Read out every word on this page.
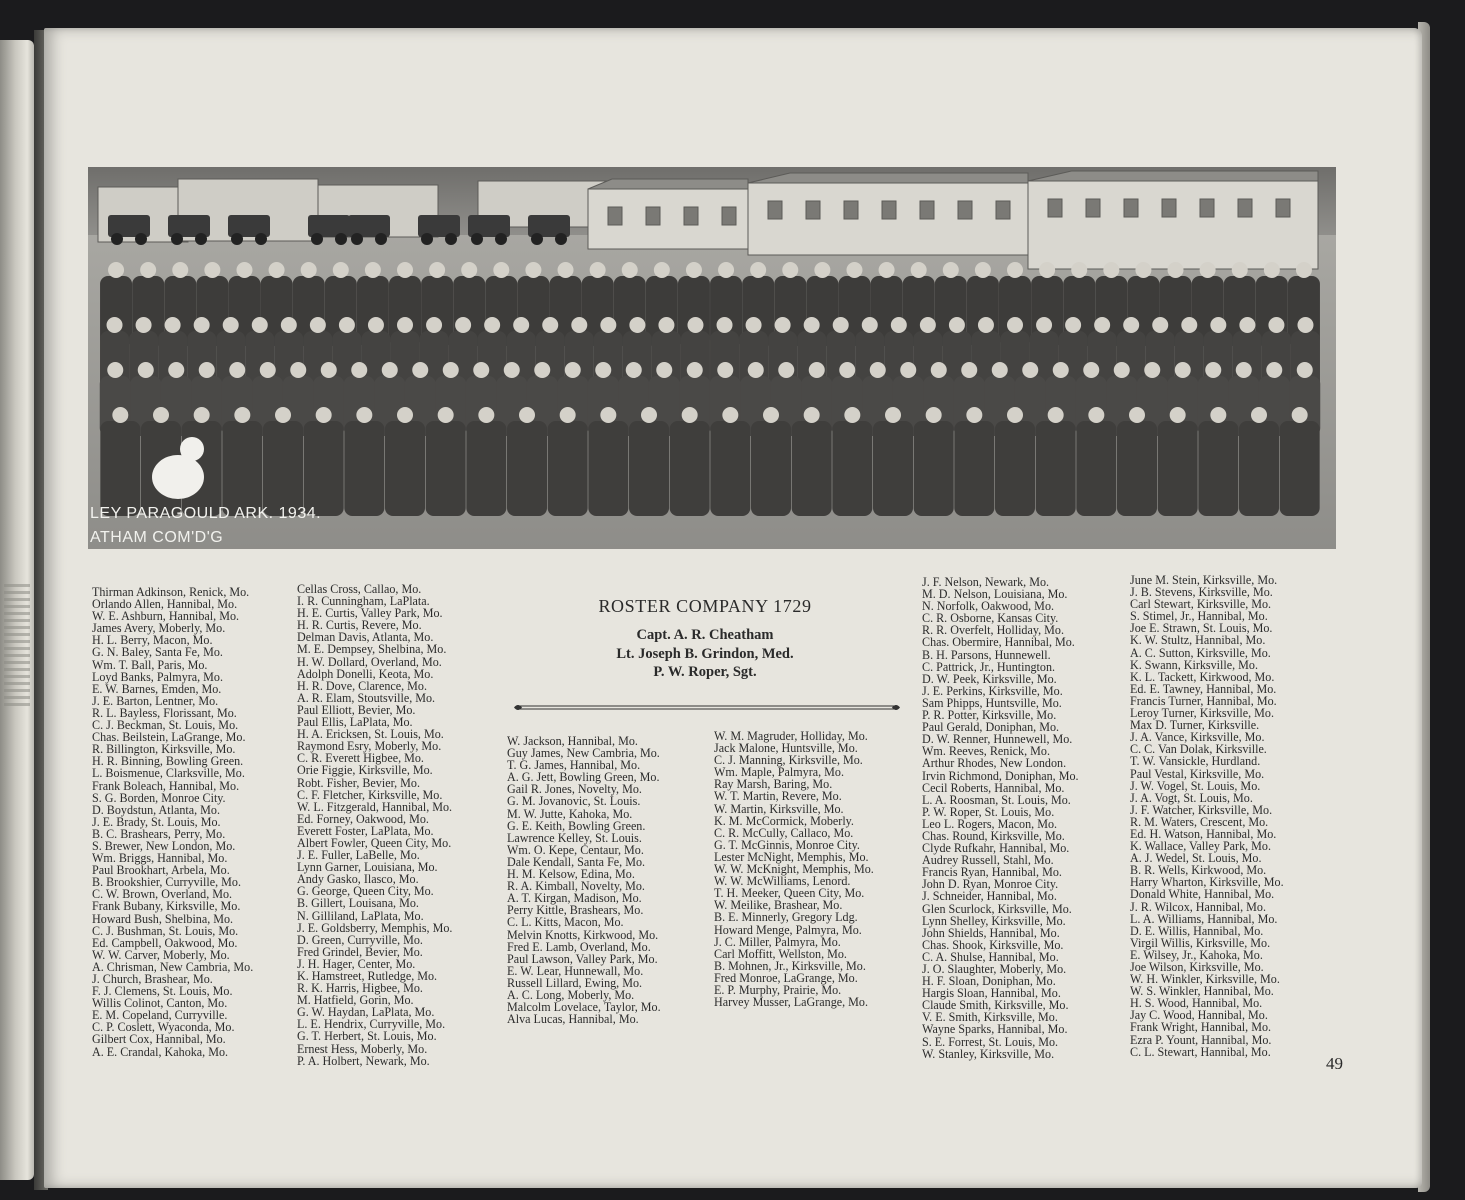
LEY PARAGOULD ARK. 1934.
ATHAM COM'D'G
Thirman Adkinson, Renick, Mo.
Orlando Allen, Hannibal, Mo.
W. E. Ashburn, Hannibal, Mo.
James Avery, Moberly, Mo.
H. L. Berry, Macon, Mo.
G. N. Baley, Santa Fe, Mo.
Wm. T. Ball, Paris, Mo.
Loyd Banks, Palmyra, Mo.
E. W. Barnes, Emden, Mo.
J. E. Barton, Lentner, Mo.
R. L. Bayless, Florissant, Mo.
C. J. Beckman, St. Louis, Mo.
Chas. Beilstein, LaGrange, Mo.
R. Billington, Kirksville, Mo.
H. R. Binning, Bowling Green.
L. Boismenue, Clarksville, Mo.
Frank Boleach, Hannibal, Mo.
S. G. Borden, Monroe City.
D. Boydstun, Atlanta, Mo.
J. E. Brady, St. Louis, Mo.
B. C. Brashears, Perry, Mo.
S. Brewer, New London, Mo.
Wm. Briggs, Hannibal, Mo.
Paul Brookhart, Arbela, Mo.
B. Brookshier, Curryville, Mo.
C. W. Brown, Overland, Mo.
Frank Bubany, Kirksville, Mo.
Howard Bush, Shelbina, Mo.
C. J. Bushman, St. Louis, Mo.
Ed. Campbell, Oakwood, Mo.
W. W. Carver, Moberly, Mo.
A. Chrisman, New Cambria, Mo.
J. Church, Brashear, Mo.
F. J. Clemens, St. Louis, Mo.
Willis Colinot, Canton, Mo.
E. M. Copeland, Curryville.
C. P. Coslett, Wyaconda, Mo.
Gilbert Cox, Hannibal, Mo.
A. E. Crandal, Kahoka, Mo.
Cellas Cross, Callao, Mo.
I. R. Cunningham, LaPlata.
H. E. Curtis, Valley Park, Mo.
H. R. Curtis, Revere, Mo.
Delman Davis, Atlanta, Mo.
M. E. Dempsey, Shelbina, Mo.
H. W. Dollard, Overland, Mo.
Adolph Donelli, Keota, Mo.
H. R. Dove, Clarence, Mo.
A. R. Elam, Stoutsville, Mo.
Paul Elliott, Bevier, Mo.
Paul Ellis, LaPlata, Mo.
H. A. Ericksen, St. Louis, Mo.
Raymond Esry, Moberly, Mo.
C. R. Everett Higbee, Mo.
Orie Figgie, Kirksville, Mo.
Robt. Fisher, Bevier, Mo.
C. F. Fletcher, Kirksville, Mo.
W. L. Fitzgerald, Hannibal, Mo.
Ed. Forney, Oakwood, Mo.
Everett Foster, LaPlata, Mo.
Albert Fowler, Queen City, Mo.
J. E. Fuller, LaBelle, Mo.
Lynn Garner, Louisiana, Mo.
Andy Gasko, Ilasco, Mo.
G. George, Queen City, Mo.
B. Gillert, Louisana, Mo.
N. Gilliland, LaPlata, Mo.
J. E. Goldsberry, Memphis, Mo.
D. Green, Curryville, Mo.
Fred Grindel, Bevier, Mo.
J. H. Hager, Center, Mo.
K. Hamstreet, Rutledge, Mo.
R. K. Harris, Higbee, Mo.
M. Hatfield, Gorin, Mo.
G. W. Haydan, LaPlata, Mo.
L. E. Hendrix, Curryville, Mo.
G. T. Herbert, St. Louis, Mo.
Ernest Hess, Moberly, Mo.
P. A. Holbert, Newark, Mo.
ROSTER COMPANY 1729
Capt. A. R. Cheatham
Lt. Joseph B. Grindon, Med.
P. W. Roper, Sgt.
W. Jackson, Hannibal, Mo.
Guy James, New Cambria, Mo.
T. G. James, Hannibal, Mo.
A. G. Jett, Bowling Green, Mo.
Gail R. Jones, Novelty, Mo.
G. M. Jovanovic, St. Louis.
M. W. Jutte, Kahoka, Mo.
G. E. Keith, Bowling Green.
Lawrence Kelley, St. Louis.
Wm. O. Kepe, Centaur, Mo.
Dale Kendall, Santa Fe, Mo.
H. M. Kelsow, Edina, Mo.
R. A. Kimball, Novelty, Mo.
A. T. Kirgan, Madison, Mo.
Perry Kittle, Brashears, Mo.
C. L. Kitts, Macon, Mo.
Melvin Knotts, Kirkwood, Mo.
Fred E. Lamb, Overland, Mo.
Paul Lawson, Valley Park, Mo.
E. W. Lear, Hunnewall, Mo.
Russell Lillard, Ewing, Mo.
A. C. Long, Moberly, Mo.
Malcolm Lovelace, Taylor, Mo.
Alva Lucas, Hannibal, Mo.
W. M. Magruder, Holliday, Mo.
Jack Malone, Huntsville, Mo.
C. J. Manning, Kirksville, Mo.
Wm. Maple, Palmyra, Mo.
Ray Marsh, Baring, Mo.
W. T. Martin, Revere, Mo.
W. Martin, Kirksville, Mo.
K. M. McCormick, Moberly.
C. R. McCully, Callaco, Mo.
G. T. McGinnis, Monroe City.
Lester McNight, Memphis, Mo.
W. W. McKnight, Memphis, Mo.
W. W. McWilliams, Lenord.
T. H. Meeker, Queen City, Mo.
W. Meilike, Brashear, Mo.
B. E. Minnerly, Gregory Ldg.
Howard Menge, Palmyra, Mo.
J. C. Miller, Palmyra, Mo.
Carl Moffitt, Wellston, Mo.
B. Mohnen, Jr., Kirksville, Mo.
Fred Monroe, LaGrange, Mo.
E. P. Murphy, Prairie, Mo.
Harvey Musser, LaGrange, Mo.
J. F. Nelson, Newark, Mo.
M. D. Nelson, Louisiana, Mo.
N. Norfolk, Oakwood, Mo.
C. R. Osborne, Kansas City.
R. R. Overfelt, Holliday, Mo.
Chas. Obermire, Hannibal, Mo.
B. H. Parsons, Hunnewell.
C. Pattrick, Jr., Huntington.
D. W. Peek, Kirksville, Mo.
J. E. Perkins, Kirksville, Mo.
Sam Phipps, Huntsville, Mo.
P. R. Potter, Kirksville, Mo.
Paul Gerald, Doniphan, Mo.
D. W. Renner, Hunnewell, Mo.
Wm. Reeves, Renick, Mo.
Arthur Rhodes, New London.
Irvin Richmond, Doniphan, Mo.
Cecil Roberts, Hannibal, Mo.
L. A. Roosman, St. Louis, Mo.
P. W. Roper, St. Louis, Mo.
Leo L. Rogers, Macon, Mo.
Chas. Round, Kirksville, Mo.
Clyde Rufkahr, Hannibal, Mo.
Audrey Russell, Stahl, Mo.
Francis Ryan, Hannibal, Mo.
John D. Ryan, Monroe City.
J. Schneider, Hannibal, Mo.
Glen Scurlock, Kirksville, Mo.
Lynn Shelley, Kirksville, Mo.
John Shields, Hannibal, Mo.
Chas. Shook, Kirksville, Mo.
C. A. Shulse, Hannibal, Mo.
J. O. Slaughter, Moberly, Mo.
H. F. Sloan, Doniphan, Mo.
Hargis Sloan, Hannibal, Mo.
Claude Smith, Kirksville, Mo.
V. E. Smith, Kirksville, Mo.
Wayne Sparks, Hannibal, Mo.
S. E. Forrest, St. Louis, Mo.
W. Stanley, Kirksville, Mo.
June M. Stein, Kirksville, Mo.
J. B. Stevens, Kirksville, Mo.
Carl Stewart, Kirksville, Mo.
S. Stimel, Jr., Hannibal, Mo.
Joe E. Strawn, St. Louis, Mo.
K. W. Stultz, Hannibal, Mo.
A. C. Sutton, Kirksville, Mo.
K. Swann, Kirksville, Mo.
K. L. Tackett, Kirkwood, Mo.
Ed. E. Tawney, Hannibal, Mo.
Francis Turner, Hannibal, Mo.
Leroy Turner, Kirksville, Mo.
Max D. Turner, Kirksville.
J. A. Vance, Kirksville, Mo.
C. C. Van Dolak, Kirksville.
T. W. Vansickle, Hurdland.
Paul Vestal, Kirksville, Mo.
J. W. Vogel, St. Louis, Mo.
J. A. Vogt, St. Louis, Mo.
J. F. Watcher, Kirksville, Mo.
R. M. Waters, Crescent, Mo.
Ed. H. Watson, Hannibal, Mo.
K. Wallace, Valley Park, Mo.
A. J. Wedel, St. Louis, Mo.
B. R. Wells, Kirkwood, Mo.
Harry Wharton, Kirksville, Mo.
Donald White, Hannibal, Mo.
J. R. Wilcox, Hannibal, Mo.
L. A. Williams, Hannibal, Mo.
D. E. Willis, Hannibal, Mo.
Virgil Willis, Kirksville, Mo.
E. Wilsey, Jr., Kahoka, Mo.
Joe Wilson, Kirksville, Mo.
W. H. Winkler, Kirksville, Mo.
W. S. Winkler, Hannibal, Mo.
H. S. Wood, Hannibal, Mo.
Jay C. Wood, Hannibal, Mo.
Frank Wright, Hannibal, Mo.
Ezra P. Yount, Hannibal, Mo.
C. L. Stewart, Hannibal, Mo.
49
